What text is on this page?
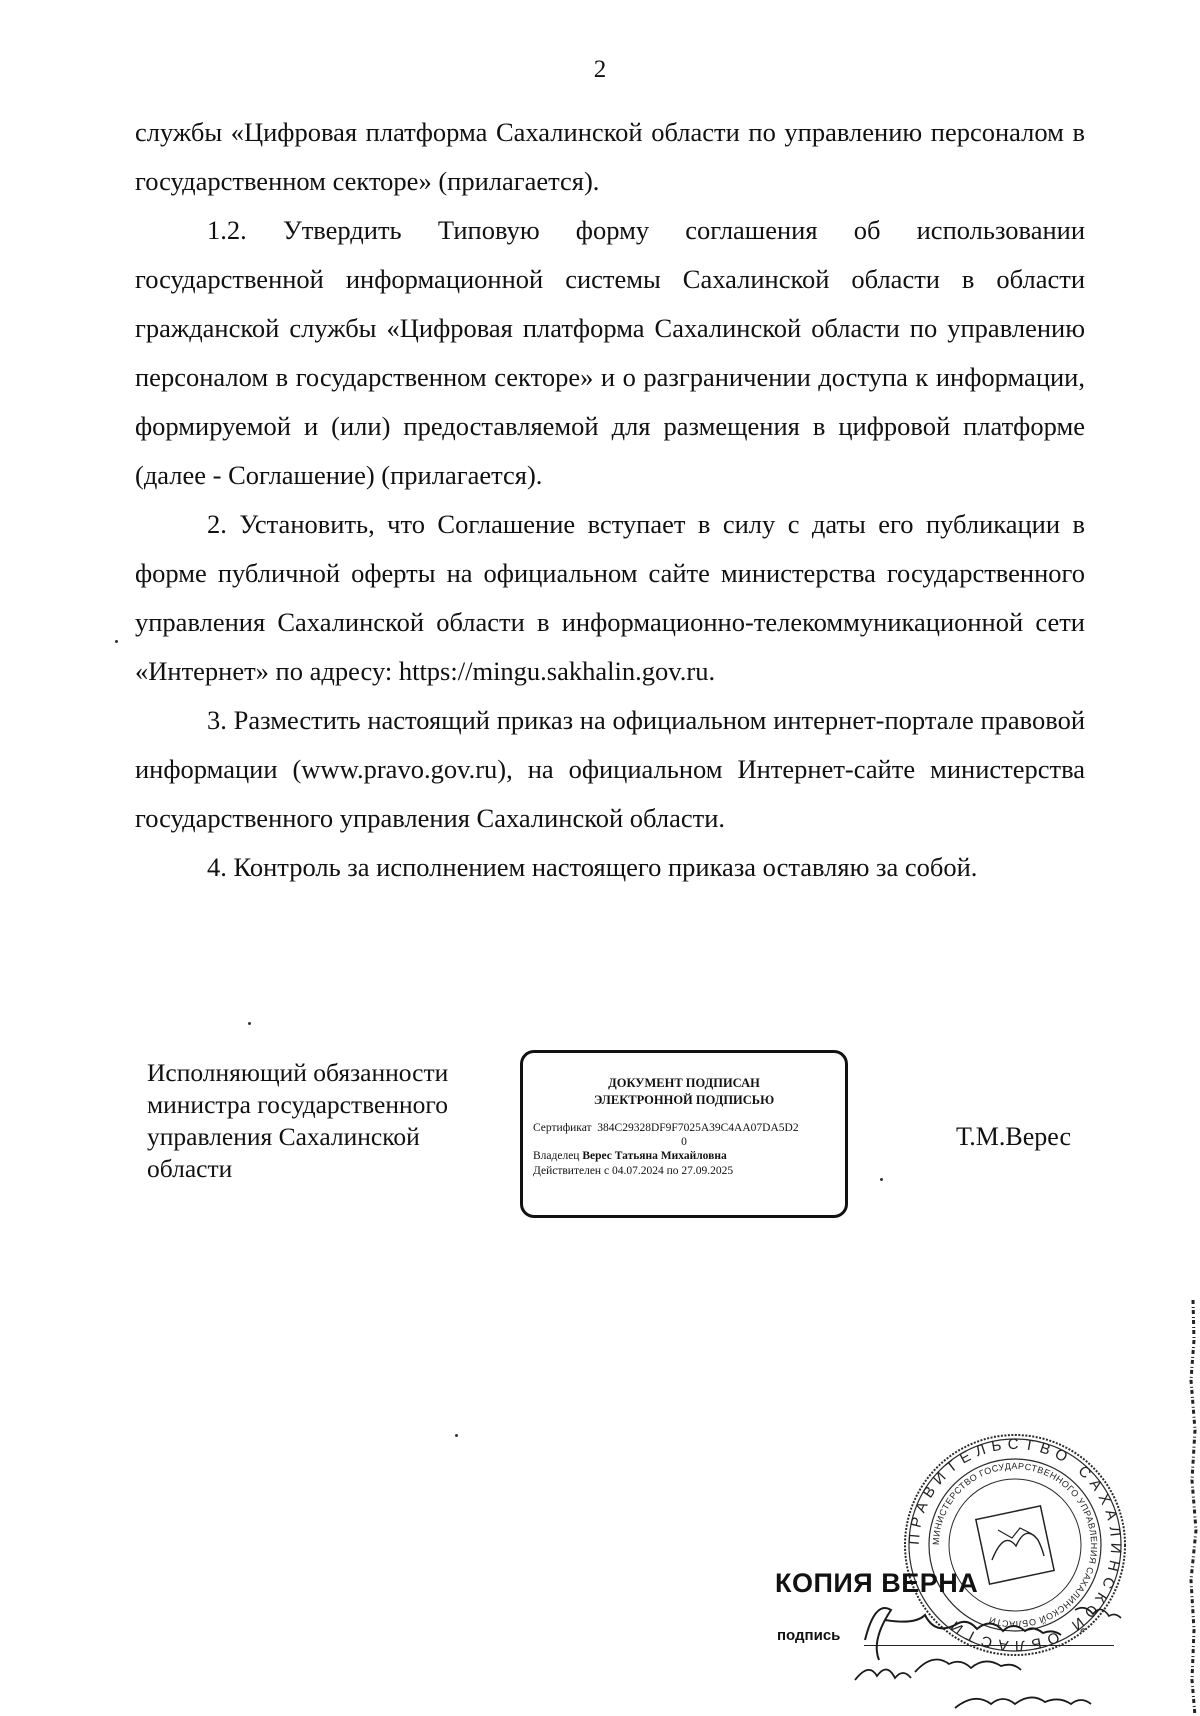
2

службы «Цифровая платформа Сахалинской области по управлению персоналом в государственном секторе» (прилагается).

1.2. Утвердить Типовую форму соглашения об использовании государственной информационной системы Сахалинской области в области гражданской службы «Цифровая платформа Сахалинской области по управлению персоналом в государственном секторе» и о разграничении доступа к информации, формируемой и (или) предоставляемой для размещения в цифровой платформе (далее - Соглашение) (прилагается).

2. Установить, что Соглашение вступает в силу с даты его публикации в форме публичной оферты на официальном сайте министерства государственного управления Сахалинской области в информационно-телекоммуникационной сети «Интернет» по адресу: https://mingu.sakhalin.gov.ru.

3. Разместить настоящий приказ на официальном интернет-портале правовой информации (www.pravo.gov.ru), на официальном Интернет-сайте министерства государственного управления Сахалинской области.

4. Контроль за исполнением настоящего приказа оставляю за собой.

Исполняющий обязанности
министра государственного
управления Сахалинской
области
ДОКУМЕНТ ПОДПИСАН
ЭЛЕКТРОННОЙ ПОДПИСЬЮ
Сертификат 384C29328DF9F7025A39C4AA07DA5D2
0
Владелец Верес Татьяна Михайловна
Действителен с 04.07.2024 по 27.09.2025
Т.М.Верес
ПРАВИТЕЛЬСТВО САХАЛИНСКОЙ ОБЛАСТИ
МИНИСТЕРСТВО ГОСУДАРСТВЕННОГО УПРАВЛЕНИЯ САХАЛИНСКОЙ ОБЛАСТИ
КОПИЯ ВЕРНА
подпись
